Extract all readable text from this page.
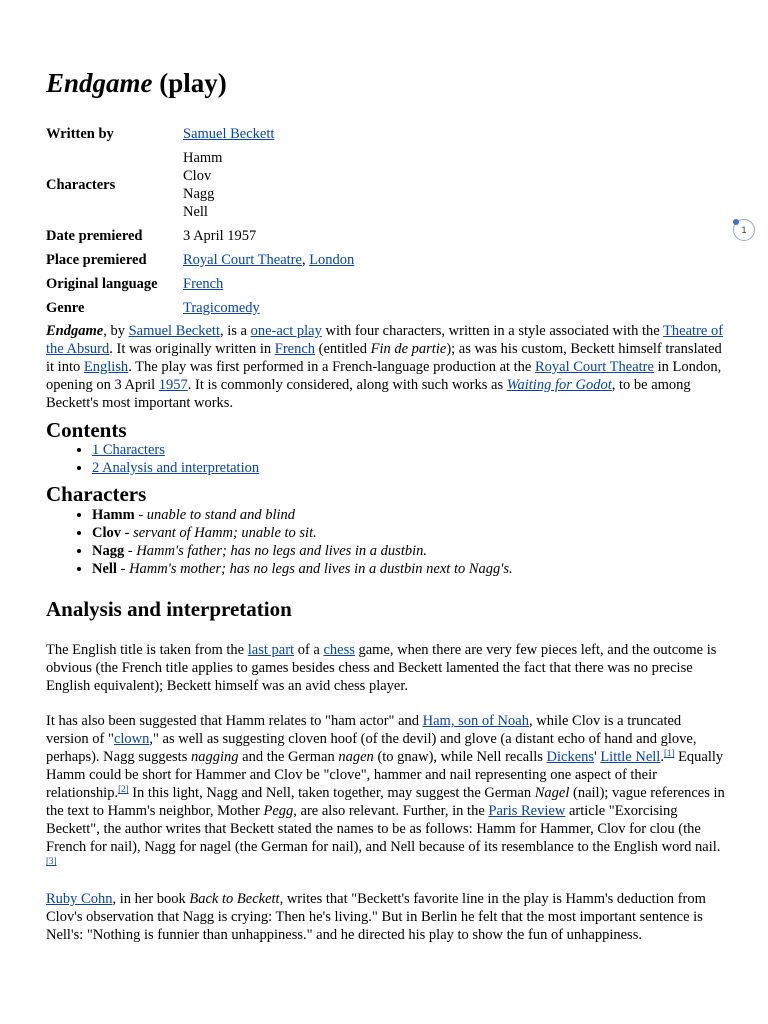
Endgame (play)
Written by	Samuel Beckett
Characters	Hamm
Clov
Nagg
Nell

Date premiered	3 April 1957
Place premiered	Royal Court Theatre, London
Original language	French
Genre	Tragicomedy

Endgame, by Samuel Beckett, is a one-act play with four characters, written in a style associated with the Theatre of the Absurd. It was originally written in French (entitled Fin de partie); as was his custom, Beckett himself translated it into English. The play was first performed in a French-language production at the Royal Court Theatre in London, opening on 3 April 1957. It is commonly considered, along with such works as Waiting for Godot, to be among Beckett's most important works.

Contents
• 1 Characters
• 2 Analysis and interpretation
Characters
• Hamm - unable to stand and blind
• Clov - servant of Hamm; unable to sit.
• Nagg - Hamm's father; has no legs and lives in a dustbin.
• Nell - Hamm's mother; has no legs and lives in a dustbin next to Nagg's.
Analysis and interpretation

The English title is taken from the last part of a chess game, when there are very few pieces left, and the outcome is obvious (the French title applies to games besides chess and Beckett lamented the fact that there was no precise English equivalent); Beckett himself was an avid chess player.

It has also been suggested that Hamm relates to "ham actor" and Ham, son of Noah, while Clov is a truncated version of "clown," as well as suggesting cloven hoof (of the devil) and glove (a distant echo of hand and glove, perhaps). Nagg suggests nagging and the German nagen (to gnaw), while Nell recalls Dickens' Little Nell.[1] Equally Hamm could be short for Hammer and Clov be "clove", hammer and nail representing one aspect of their relationship.[2] In this light, Nagg and Nell, taken together, may suggest the German Nagel (nail); vague references in the text to Hamm's neighbor, Mother Pegg, are also relevant. Further, in the Paris Review article "Exorcising Beckett", the author writes that Beckett stated the names to be as follows: Hamm for Hammer, Clov for clou (the French for nail), Nagg for nagel (the German for nail), and Nell because of its resemblance to the English word nail.[3]

Ruby Cohn, in her book Back to Beckett, writes that "Beckett's favorite line in the play is Hamm's deduction from Clov's observation that Nagg is crying: Then he's living." But in Berlin he felt that the most important sentence is Nell's: "Nothing is funnier than unhappiness." and he directed his play to show the fun of unhappiness.

1
